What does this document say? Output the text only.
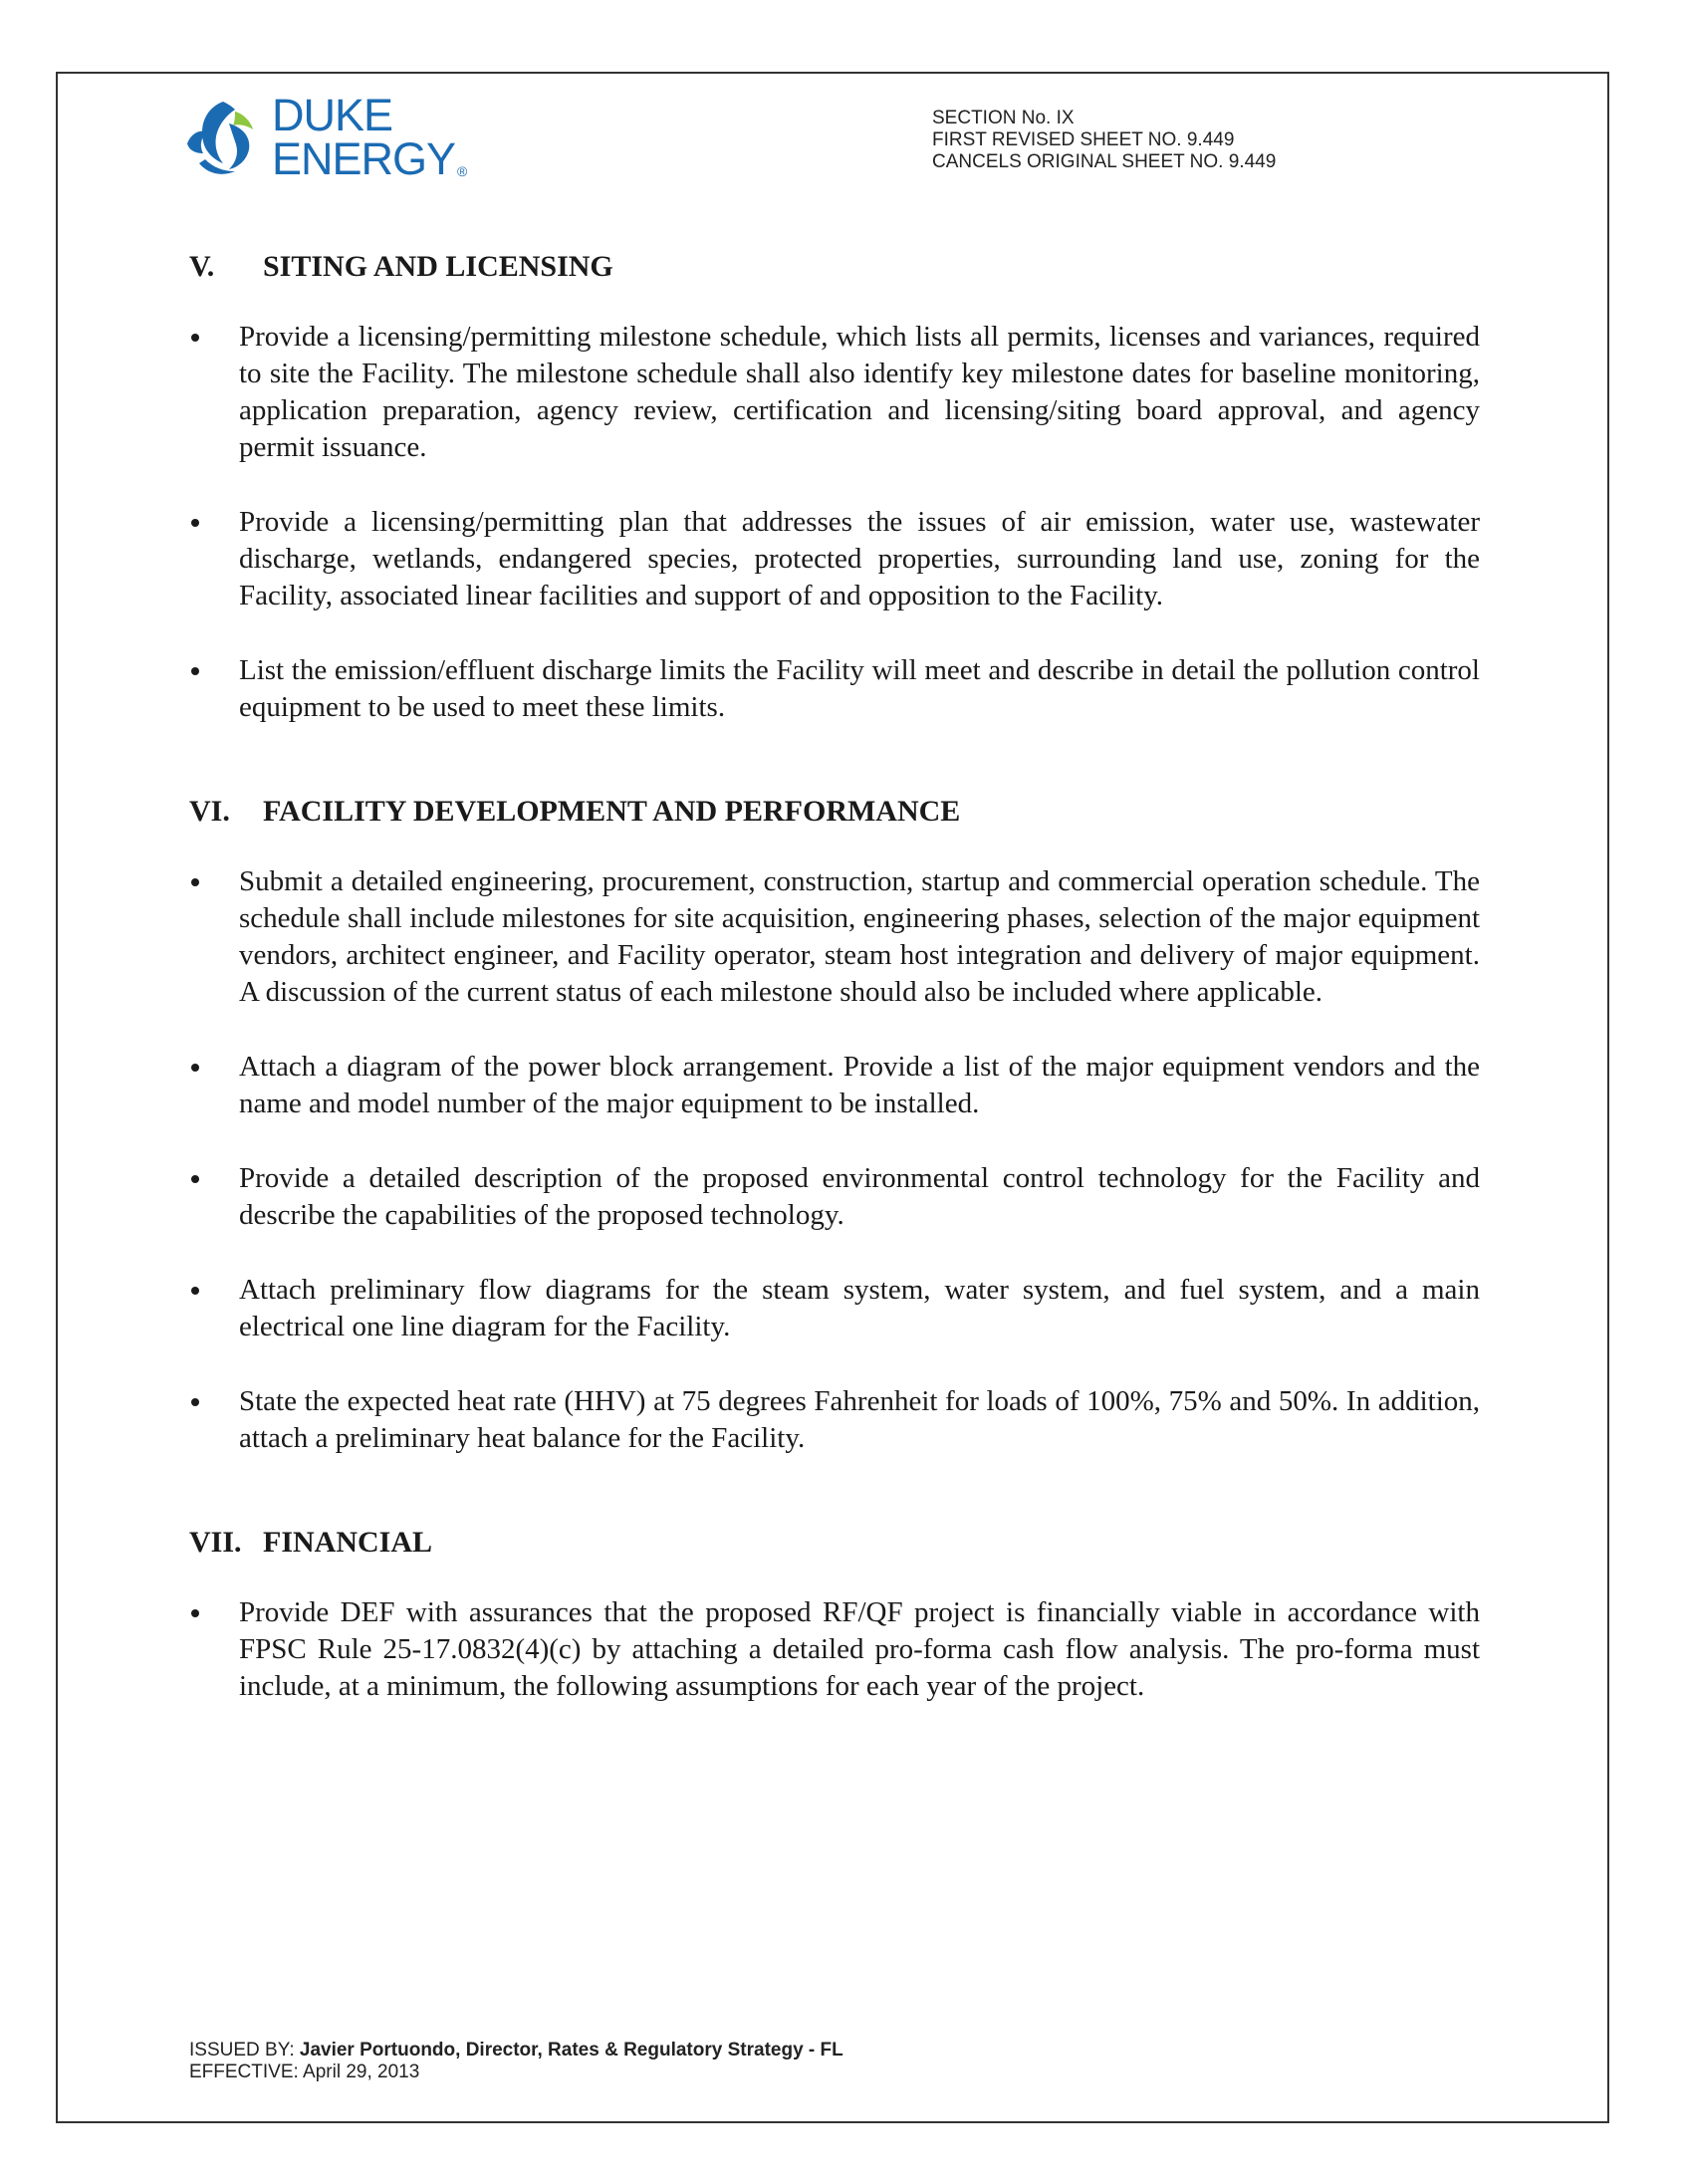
DUKE
ENERGY ®
SECTION No. IX
FIRST REVISED SHEET NO. 9.449
CANCELS ORIGINAL SHEET NO. 9.449
V. SITING AND LICENSING
Provide a licensing/permitting milestone schedule, which lists all permits, licenses and variances, required to site the Facility. The milestone schedule shall also identify key milestone dates for baseline monitoring, application preparation, agency review, certification and licensing/siting board approval, and agency permit issuance.
Provide a licensing/permitting plan that addresses the issues of air emission, water use, wastewater discharge, wetlands, endangered species, protected properties, surrounding land use, zoning for the Facility, associated linear facilities and support of and opposition to the Facility.
List the emission/effluent discharge limits the Facility will meet and describe in detail the pollution control equipment to be used to meet these limits.
VI. FACILITY DEVELOPMENT AND PERFORMANCE
Submit a detailed engineering, procurement, construction, startup and commercial operation schedule. The schedule shall include milestones for site acquisition, engineering phases, selection of the major equipment vendors, architect engineer, and Facility operator, steam host integration and delivery of major equipment. A discussion of the current status of each milestone should also be included where applicable.
Attach a diagram of the power block arrangement. Provide a list of the major equipment vendors and the name and model number of the major equipment to be installed.
Provide a detailed description of the proposed environmental control technology for the Facility and describe the capabilities of the proposed technology.
Attach preliminary flow diagrams for the steam system, water system, and fuel system, and a main electrical one line diagram for the Facility.
State the expected heat rate (HHV) at 75 degrees Fahrenheit for loads of 100%, 75% and 50%. In addition, attach a preliminary heat balance for the Facility.
VII. FINANCIAL
Provide DEF with assurances that the proposed RF/QF project is financially viable in accordance with FPSC Rule 25-17.0832(4)(c) by attaching a detailed pro-forma cash flow analysis. The pro-forma must include, at a minimum, the following assumptions for each year of the project.
ISSUED BY: Javier Portuondo, Director, Rates & Regulatory Strategy - FL
EFFECTIVE: April 29, 2013
